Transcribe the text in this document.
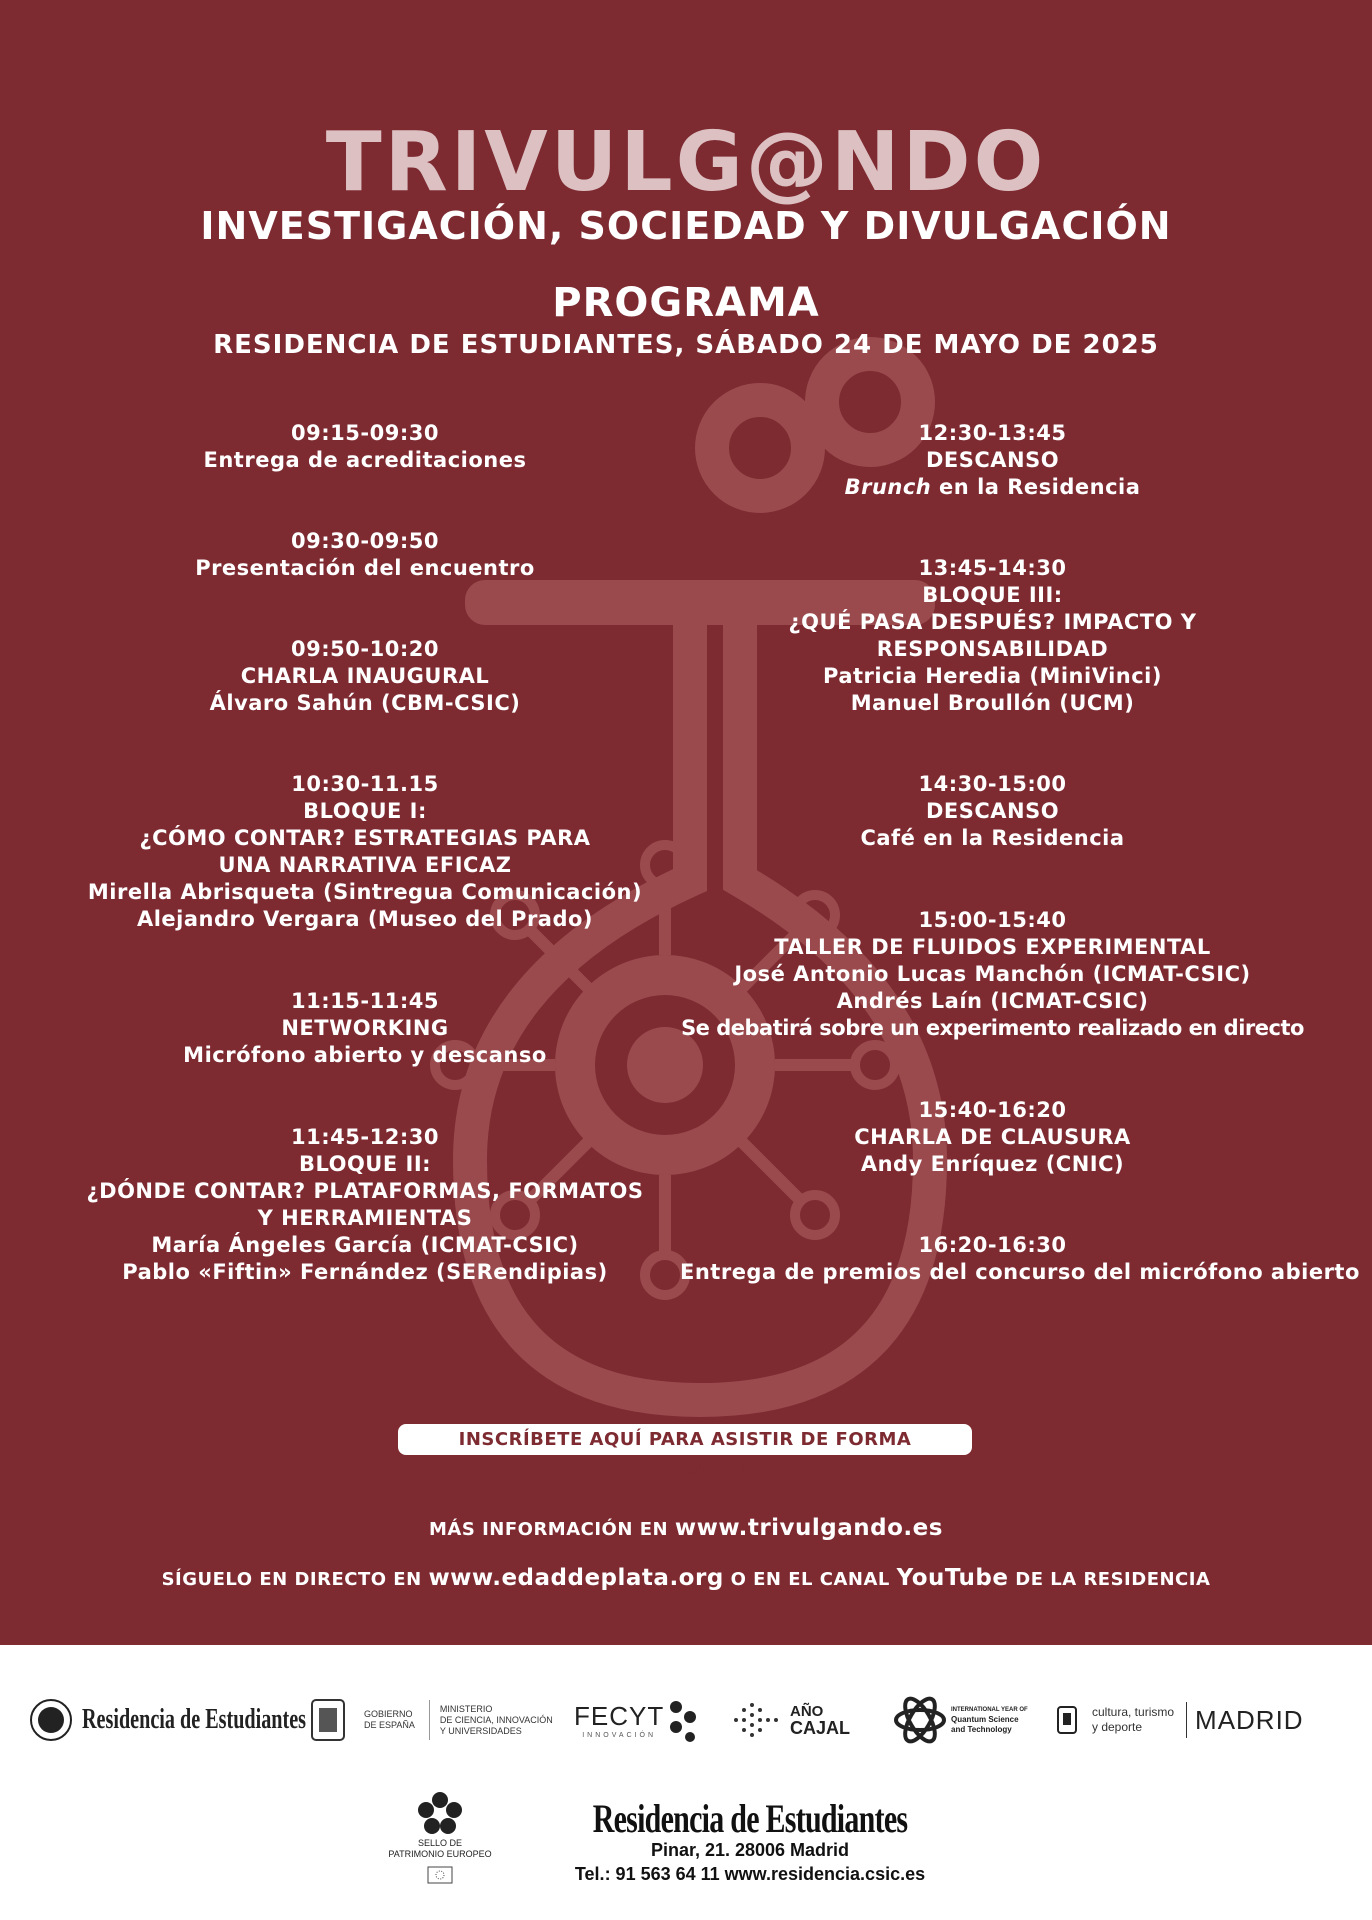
TRIVULG@NDO
INVESTIGACIÓN, SOCIEDAD Y DIVULGACIÓN
PROGRAMA
RESIDENCIA DE ESTUDIANTES, SÁBADO 24 DE MAYO DE 2025
09:15-09:30
Entrega de acreditaciones
09:30-09:50
Presentación del encuentro
09:50-10:20
CHARLA INAUGURAL
Álvaro Sahún (CBM-CSIC)
10:30-11.15
BLOQUE I:
¿CÓMO CONTAR? ESTRATEGIAS PARA
UNA NARRATIVA EFICAZ
Mirella Abrisqueta (Sintregua Comunicación)
Alejandro Vergara (Museo del Prado)
11:15-11:45
NETWORKING
Micrófono abierto y descanso
11:45-12:30
BLOQUE II:
¿DÓNDE CONTAR? PLATAFORMAS, FORMATOS
Y HERRAMIENTAS
María Ángeles García (ICMAT-CSIC)
Pablo «Fiftin» Fernández (SERendipias)
12:30-13:45
DESCANSO
Brunch en la Residencia
13:45-14:30
BLOQUE III:
¿QUÉ PASA DESPUÉS? IMPACTO Y
RESPONSABILIDAD
Patricia Heredia (MiniVinci)
Manuel Broullón (UCM)
14:30-15:00
DESCANSO
Café en la Residencia
15:00-15:40
TALLER DE FLUIDOS EXPERIMENTAL
José Antonio Lucas Manchón (ICMAT-CSIC)
Andrés Laín (ICMAT-CSIC)
Se debatirá sobre un experimento realizado en directo
15:40-16:20
CHARLA DE CLAUSURA
Andy Enríquez (CNIC)
16:20-16:30
Entrega de premios del concurso del micrófono abierto
INSCRÍBETE AQUÍ PARA ASISTIR DE FORMA PRESENCIAL
MÁS INFORMACIÓN EN www.trivulgando.es
SÍGUELO EN DIRECTO EN www.edaddeplata.org O EN EL CANAL YouTube DE LA RESIDENCIA
Residencia de Estudiantes	GOBIERNO
DE ESPAÑA
MINISTERIO
DE CIENCIA, INNOVACIÓN
Y UNIVERSIDADES	FECYT
INNOVACIÓN
AÑO
CAJAL
INTERNATIONAL YEAR OF
Quantum Science
and Technology
cultura, turismo
y deporte	MADRID
SELLO DE
PATRIMONIO EUROPEO
Residencia de Estudiantes
Pinar, 21. 28006 Madrid
Tel.: 91 563 64 11 www.residencia.csic.es
